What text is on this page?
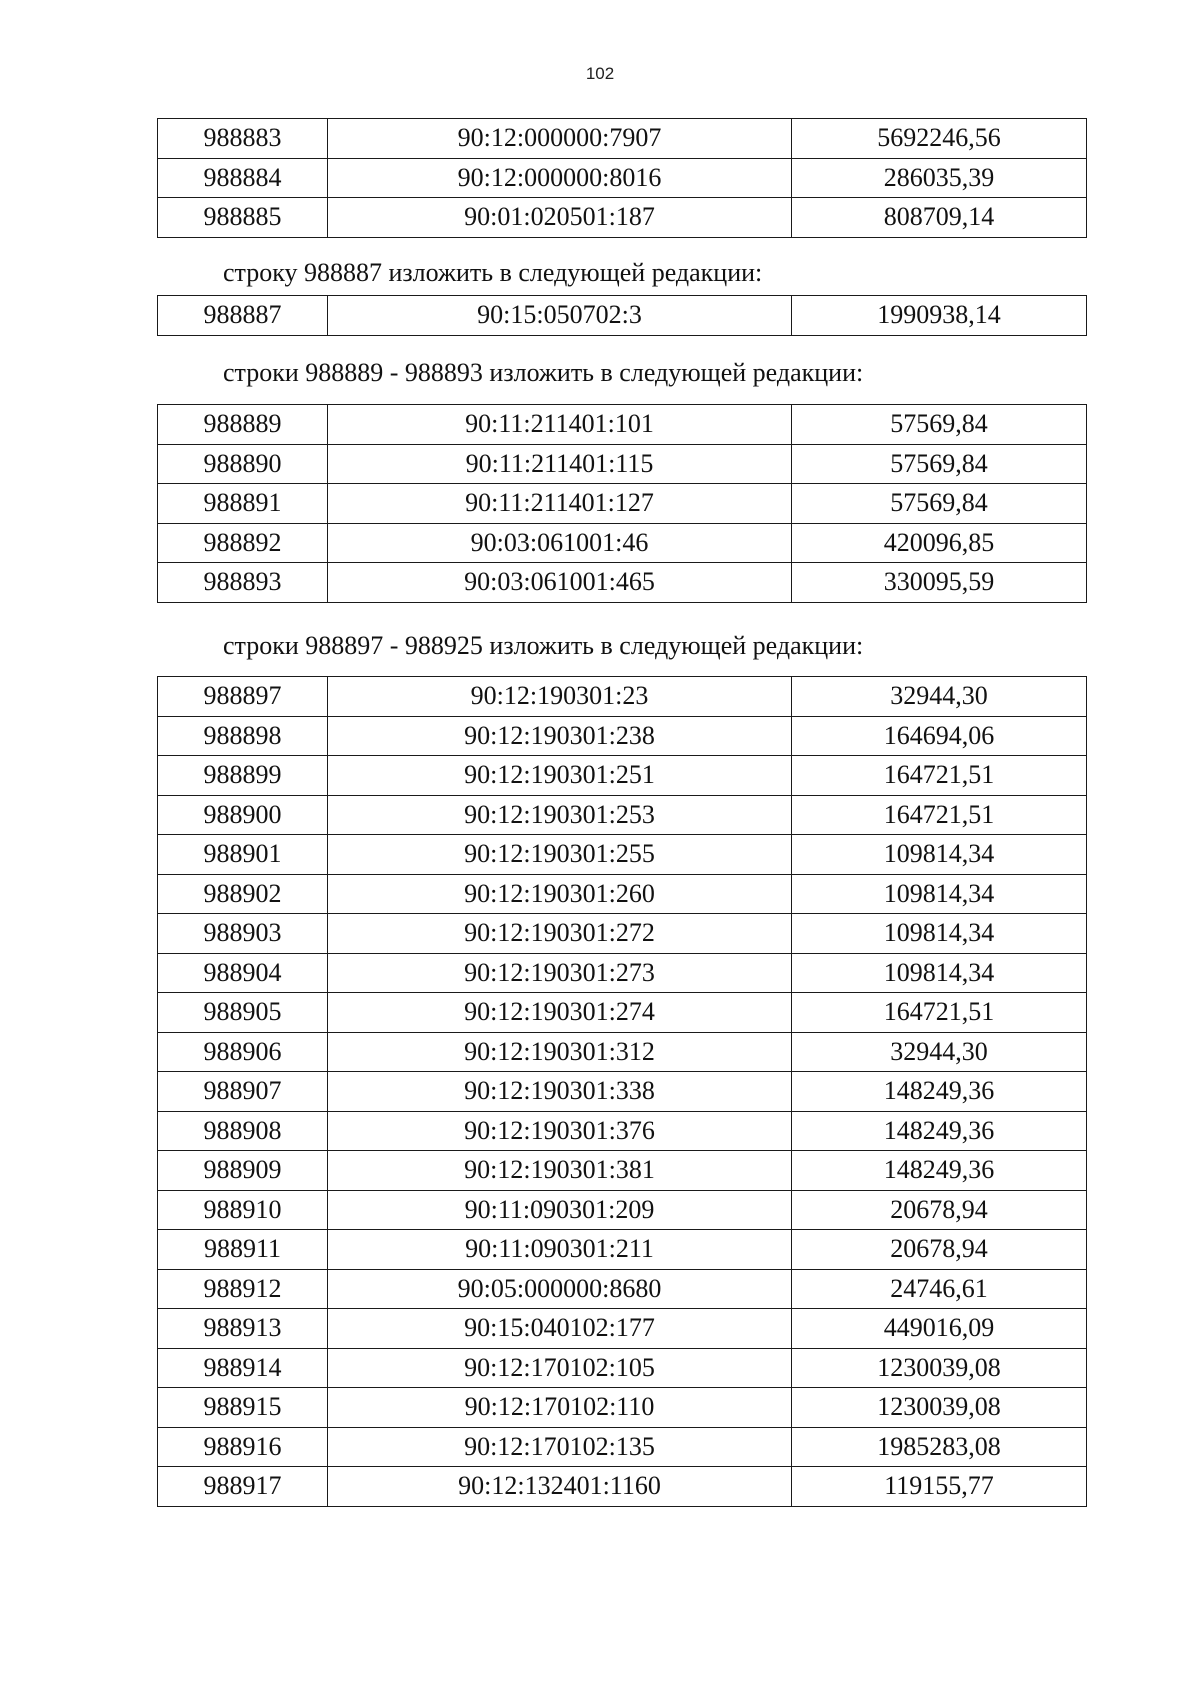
102
988883	90:12:000000:7907	5692246,56
988884	90:12:000000:8016	286035,39
988885	90:01:020501:187	808709,14
строку 988887 изложить в следующей редакции:
988887	90:15:050702:3	1990938,14
строки 988889 - 988893 изложить в следующей редакции:
988889	90:11:211401:101	57569,84
988890	90:11:211401:115	57569,84
988891	90:11:211401:127	57569,84
988892	90:03:061001:46	420096,85
988893	90:03:061001:465	330095,59
строки 988897 - 988925 изложить в следующей редакции:
988897	90:12:190301:23	32944,30
988898	90:12:190301:238	164694,06
988899	90:12:190301:251	164721,51
988900	90:12:190301:253	164721,51
988901	90:12:190301:255	109814,34
988902	90:12:190301:260	109814,34
988903	90:12:190301:272	109814,34
988904	90:12:190301:273	109814,34
988905	90:12:190301:274	164721,51
988906	90:12:190301:312	32944,30
988907	90:12:190301:338	148249,36
988908	90:12:190301:376	148249,36
988909	90:12:190301:381	148249,36
988910	90:11:090301:209	20678,94
988911	90:11:090301:211	20678,94
988912	90:05:000000:8680	24746,61
988913	90:15:040102:177	449016,09
988914	90:12:170102:105	1230039,08
988915	90:12:170102:110	1230039,08
988916	90:12:170102:135	1985283,08
988917	90:12:132401:1160	119155,77
